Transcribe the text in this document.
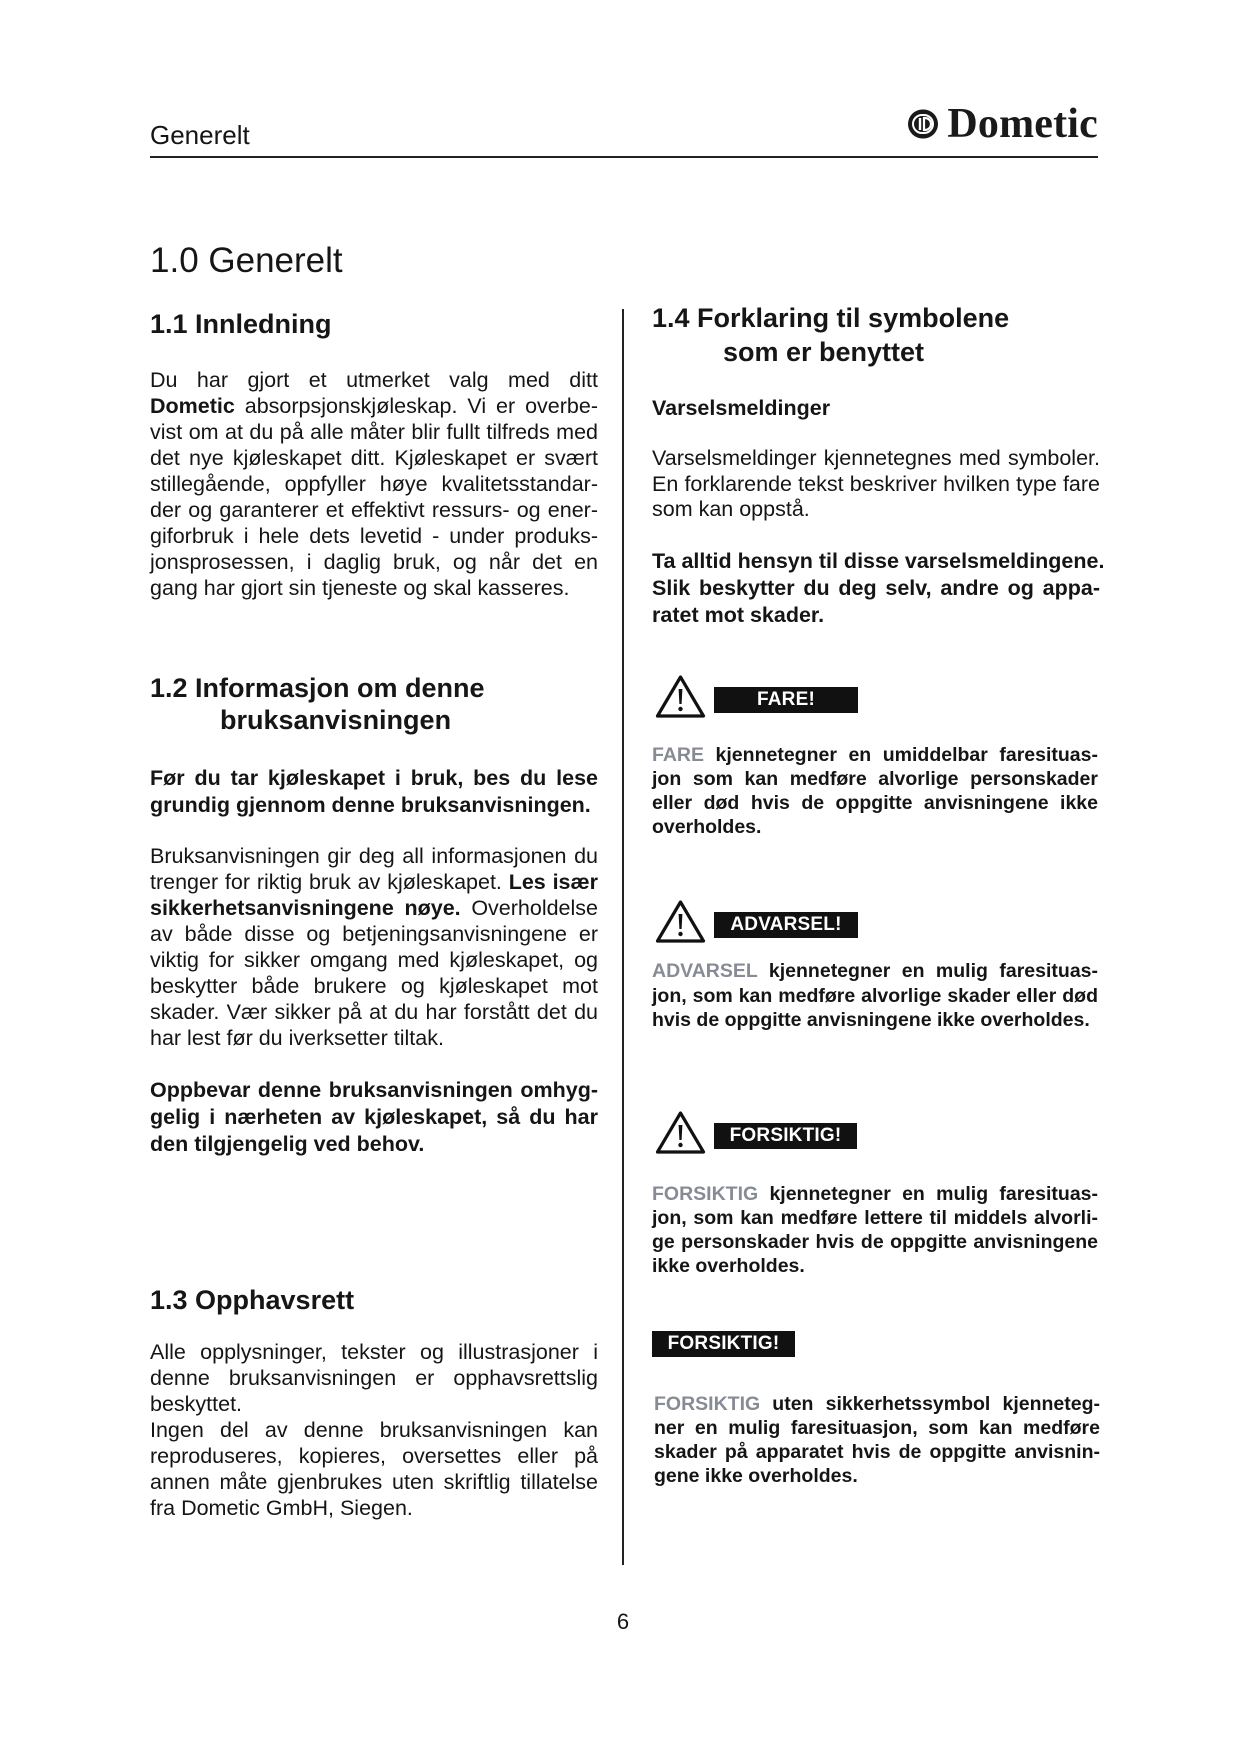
Generelt	Dometic
1.0 Generelt
1.1 Innledning
Du har gjort et utmerket valg med ditt
Dometic absorpsjonskjøleskap. Vi er overbe-
vist om at du på alle måter blir fullt tilfreds med
det nye kjøleskapet ditt. Kjøleskapet er svært
stillegående, oppfyller høye kvalitetsstandar-
der og garanterer et effektivt ressurs- og ener-
giforbruk i hele dets levetid - under produks-
jonsprosessen, i daglig bruk, og når det en
gang har gjort sin tjeneste og skal kasseres.
1.2 Informasjon om denne
bruksanvisningen
Før du tar kjøleskapet i bruk, bes du lese
grundig gjennom denne bruksanvisningen.
Bruksanvisningen gir deg all informasjonen du
trenger for riktig bruk av kjøleskapet. Les især
sikkerhetsanvisningene nøye. Overholdelse
av både disse og betjeningsanvisningene er
viktig for sikker omgang med kjøleskapet, og
beskytter både brukere og kjøleskapet mot
skader. Vær sikker på at du har forstått det du
har lest før du iverksetter tiltak.
Oppbevar denne bruksanvisningen omhyg-
gelig i nærheten av kjøleskapet, så du har
den tilgjengelig ved behov.
1.3 Opphavsrett
Alle opplysninger, tekster og illustrasjoner i
denne bruksanvisningen er opphavsrettslig
beskyttet.
Ingen del av denne bruksanvisningen kan
reproduseres, kopieres, oversettes eller på
annen måte gjenbrukes uten skriftlig tillatelse
fra Dometic GmbH, Siegen.
1.4 Forklaring til symbolene
som er benyttet
Varselsmeldinger
Varselsmeldinger kjennetegnes med symboler.
En forklarende tekst beskriver hvilken type fare
som kan oppstå.
Ta alltid hensyn til disse varselsmeldingene.
Slik beskytter du deg selv, andre og appa-
ratet mot skader.
FARE!
FARE kjennetegner en umiddelbar faresituas-
jon som kan medføre alvorlige personskader
eller død hvis de oppgitte anvisningene ikke
overholdes.
ADVARSEL!
ADVARSEL kjennetegner en mulig faresituas-
jon, som kan medføre alvorlige skader eller død
hvis de oppgitte anvisningene ikke overholdes.
FORSIKTIG!
FORSIKTIG kjennetegner en mulig faresituas-
jon, som kan medføre lettere til middels alvorli-
ge personskader hvis de oppgitte anvisningene
ikke overholdes.
FORSIKTIG!
FORSIKTIG uten sikkerhetssymbol kjenneteg-
ner en mulig faresituasjon, som kan medføre
skader på apparatet hvis de oppgitte anvisnin-
gene ikke overholdes.
6
